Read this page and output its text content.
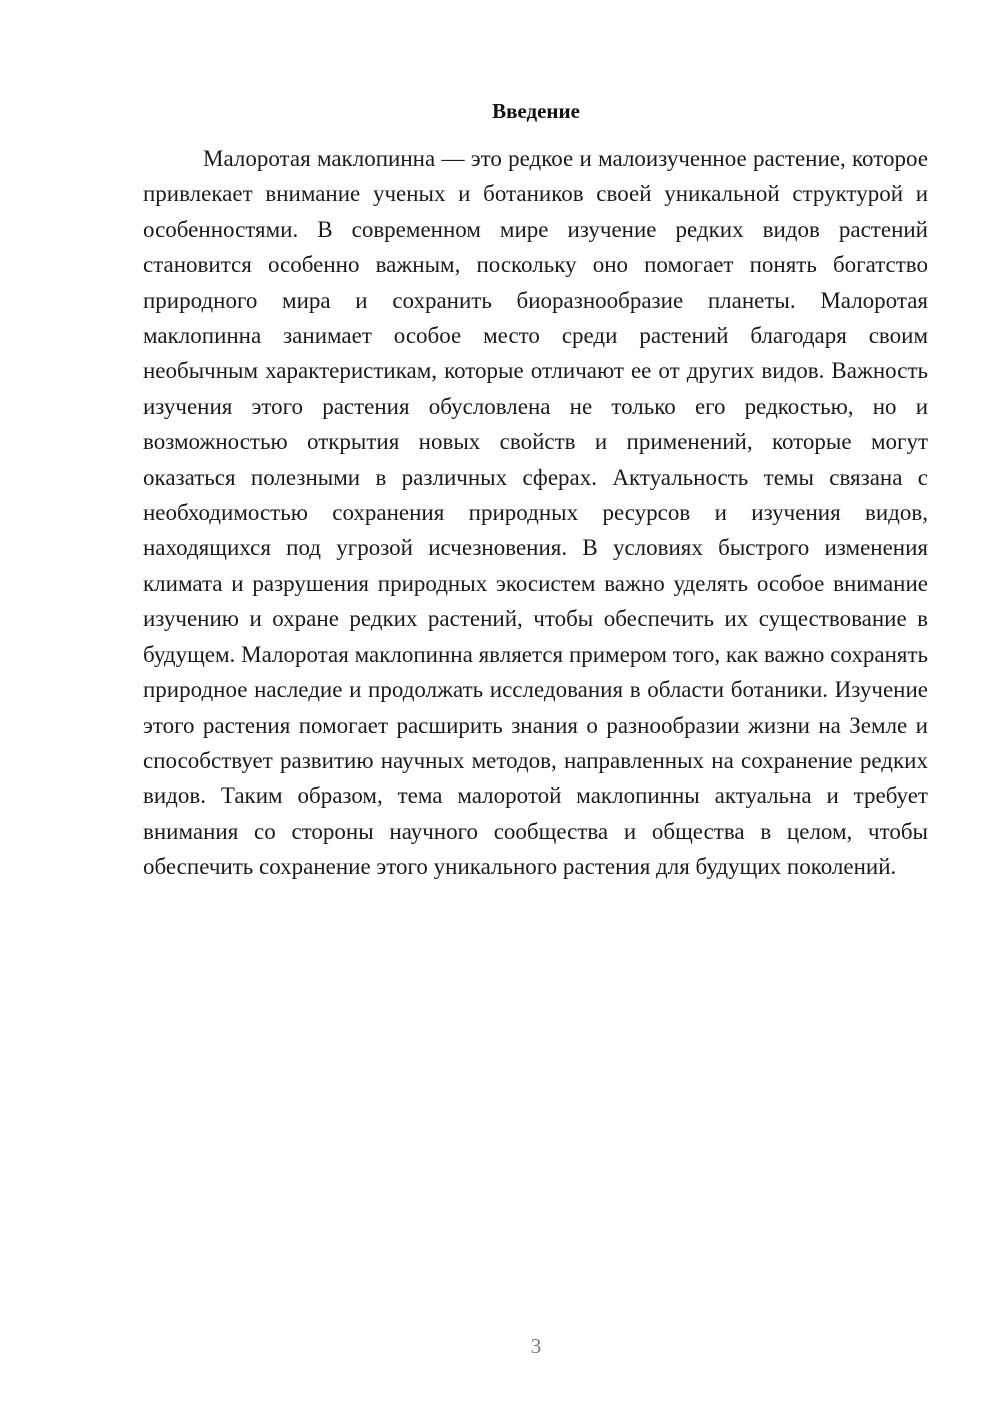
Введение

Малоротая маклопинна — это редкое и малоизученное растение, которое привлекает внимание ученых и ботаников своей уникальной структурой и особенностями. В современном мире изучение редких видов растений становится особенно важным, поскольку оно помогает понять богатство природного мира и сохранить биоразнообразие планеты. Малоротая маклопинна занимает особое место среди растений благодаря своим необычным характеристикам, которые отличают ее от других видов. Важность изучения этого растения обусловлена не только его редкостью, но и возможностью открытия новых свойств и применений, которые могут оказаться полезными в различных сферах. Актуальность темы связана с необходимостью сохранения природных ресурсов и изучения видов, находящихся под угрозой исчезновения. В условиях быстрого изменения климата и разрушения природных экосистем важно уделять особое внимание изучению и охране редких растений, чтобы обеспечить их существование в будущем. Малоротая маклопинна является примером того, как важно сохранять природное наследие и продолжать исследования в области ботаники. Изучение этого растения помогает расширить знания о разнообразии жизни на Земле и способствует развитию научных методов, направленных на сохранение редких видов. Таким образом, тема малоротой маклопинны актуальна и требует внимания со стороны научного сообщества и общества в целом, чтобы обеспечить сохранение этого уникального растения для будущих поколений.

3
